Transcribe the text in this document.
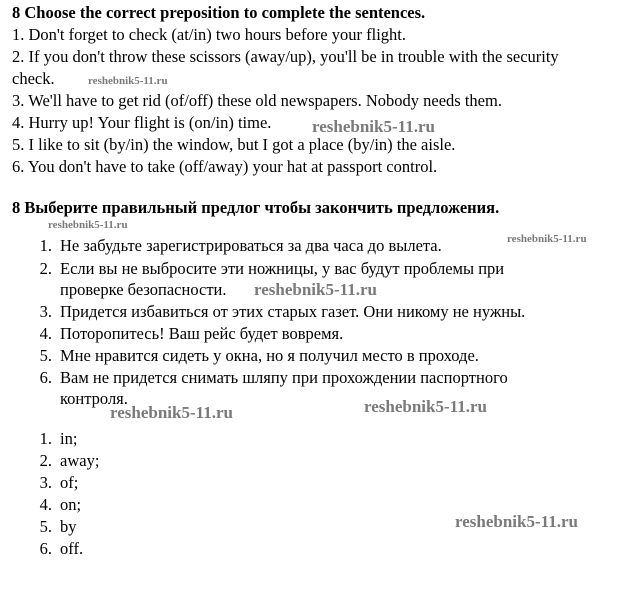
8 Choose the correct preposition to complete the sentences.
1. Don't forget to check (at/in) two hours before your flight.
2. If you don't throw these scissors (away/up), you'll be in trouble with the security
check.
3. We'll have to get rid (of/off) these old newspapers. Nobody needs them.
4. Hurry up! Your flight is (on/in) time.
5. I like to sit (by/in) the window, but I got a place (by/in) the aisle.
6. You don't have to take (off/away) your hat at passport control.
8 Выберите правильный предлог чтобы закончить предложения.
1. Не забудьте зарегистрироваться за два часа до вылета.
2. Если вы не выбросите эти ножницы, у вас будут проблемы при
проверке безопасности.
3. Придется избавиться от этих старых газет. Они никому не нужны.
4. Поторопитесь! Ваш рейс будет вовремя.
5. Мне нравится сидеть у окна, но я получил место в проходе.
6. Вам не придется снимать шляпу при прохождении паспортного
контроля.
1. in;
2. away;
3. of;
4. on;
5. by
6. off.
reshebnik5-11.ru
reshebnik5-11.ru
reshebnik5-11.ru
reshebnik5-11.ru
reshebnik5-11.ru
reshebnik5-11.ru	reshebnik5-11.ru
reshebnik5-11.ru
